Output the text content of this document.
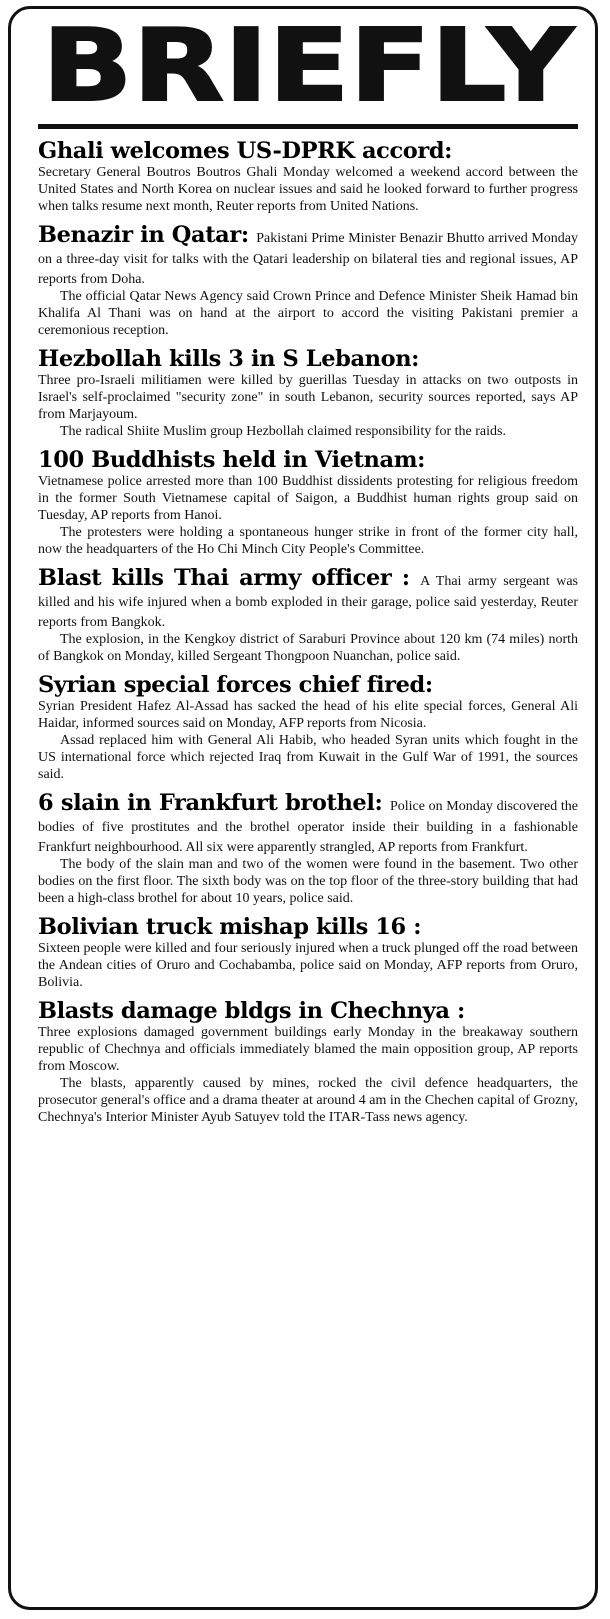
BRIEFLY
Ghali welcomes US-DPRK accord:

Secretary General Boutros Boutros Ghali Monday welcomed a weekend accord between the United States and North Korea on nuclear issues and said he looked forward to further progress when talks resume next month, Reuter reports from United Nations.

Benazir in Qatar: Pakistani Prime Minister Benazir Bhutto arrived Monday on a three-day visit for talks with the Qatari leadership on bilateral ties and regional issues, AP reports from Doha.

The official Qatar News Agency said Crown Prince and Defence Minister Sheik Hamad bin Khalifa Al Thani was on hand at the airport to accord the visiting Pakistani premier a ceremonious reception.

Hezbollah kills 3 in S Lebanon:

Three pro-Israeli militiamen were killed by guerillas Tuesday in attacks on two outposts in Israel's self-proclaimed "security zone" in south Lebanon, security sources reported, says AP from Marjayoum.

The radical Shiite Muslim group Hezbollah claimed responsibility for the raids.

100 Buddhists held in Vietnam:

Vietnamese police arrested more than 100 Buddhist dissidents protesting for religious freedom in the former South Vietnamese capital of Saigon, a Buddhist human rights group said on Tuesday, AP reports from Hanoi.

The protesters were holding a spontaneous hunger strike in front of the former city hall, now the headquarters of the Ho Chi Minch City People's Committee.

Blast kills Thai army officer : A Thai army sergeant was killed and his wife injured when a bomb exploded in their garage, police said yesterday, Reuter reports from Bangkok.

The explosion, in the Kengkoy district of Saraburi Province about 120 km (74 miles) north of Bangkok on Monday, killed Sergeant Thongpoon Nuanchan, police said.

Syrian special forces chief fired:

Syrian President Hafez Al-Assad has sacked the head of his elite special forces, General Ali Haidar, informed sources said on Monday, AFP reports from Nicosia.

Assad replaced him with General Ali Habib, who headed Syran units which fought in the US international force which rejected Iraq from Kuwait in the Gulf War of 1991, the sources said.

6 slain in Frankfurt brothel: Police on Monday discovered the bodies of five prostitutes and the brothel operator inside their building in a fashionable Frankfurt neighbourhood. All six were apparently strangled, AP reports from Frankfurt.

The body of the slain man and two of the women were found in the basement. Two other bodies on the first floor. The sixth body was on the top floor of the three-story building that had been a high-class brothel for about 10 years, police said.

Bolivian truck mishap kills 16 :

Sixteen people were killed and four seriously injured when a truck plunged off the road between the Andean cities of Oruro and Cochabamba, police said on Monday, AFP reports from Oruro, Bolivia.

Blasts damage bldgs in Chechnya :

Three explosions damaged government buildings early Monday in the breakaway southern republic of Chechnya and officials immediately blamed the main opposition group, AP reports from Moscow.

The blasts, apparently caused by mines, rocked the civil defence headquarters, the prosecutor general's office and a drama theater at around 4 am in the Chechen capital of Grozny, Chechnya's Interior Minister Ayub Satuyev told the ITAR-Tass news agency.
